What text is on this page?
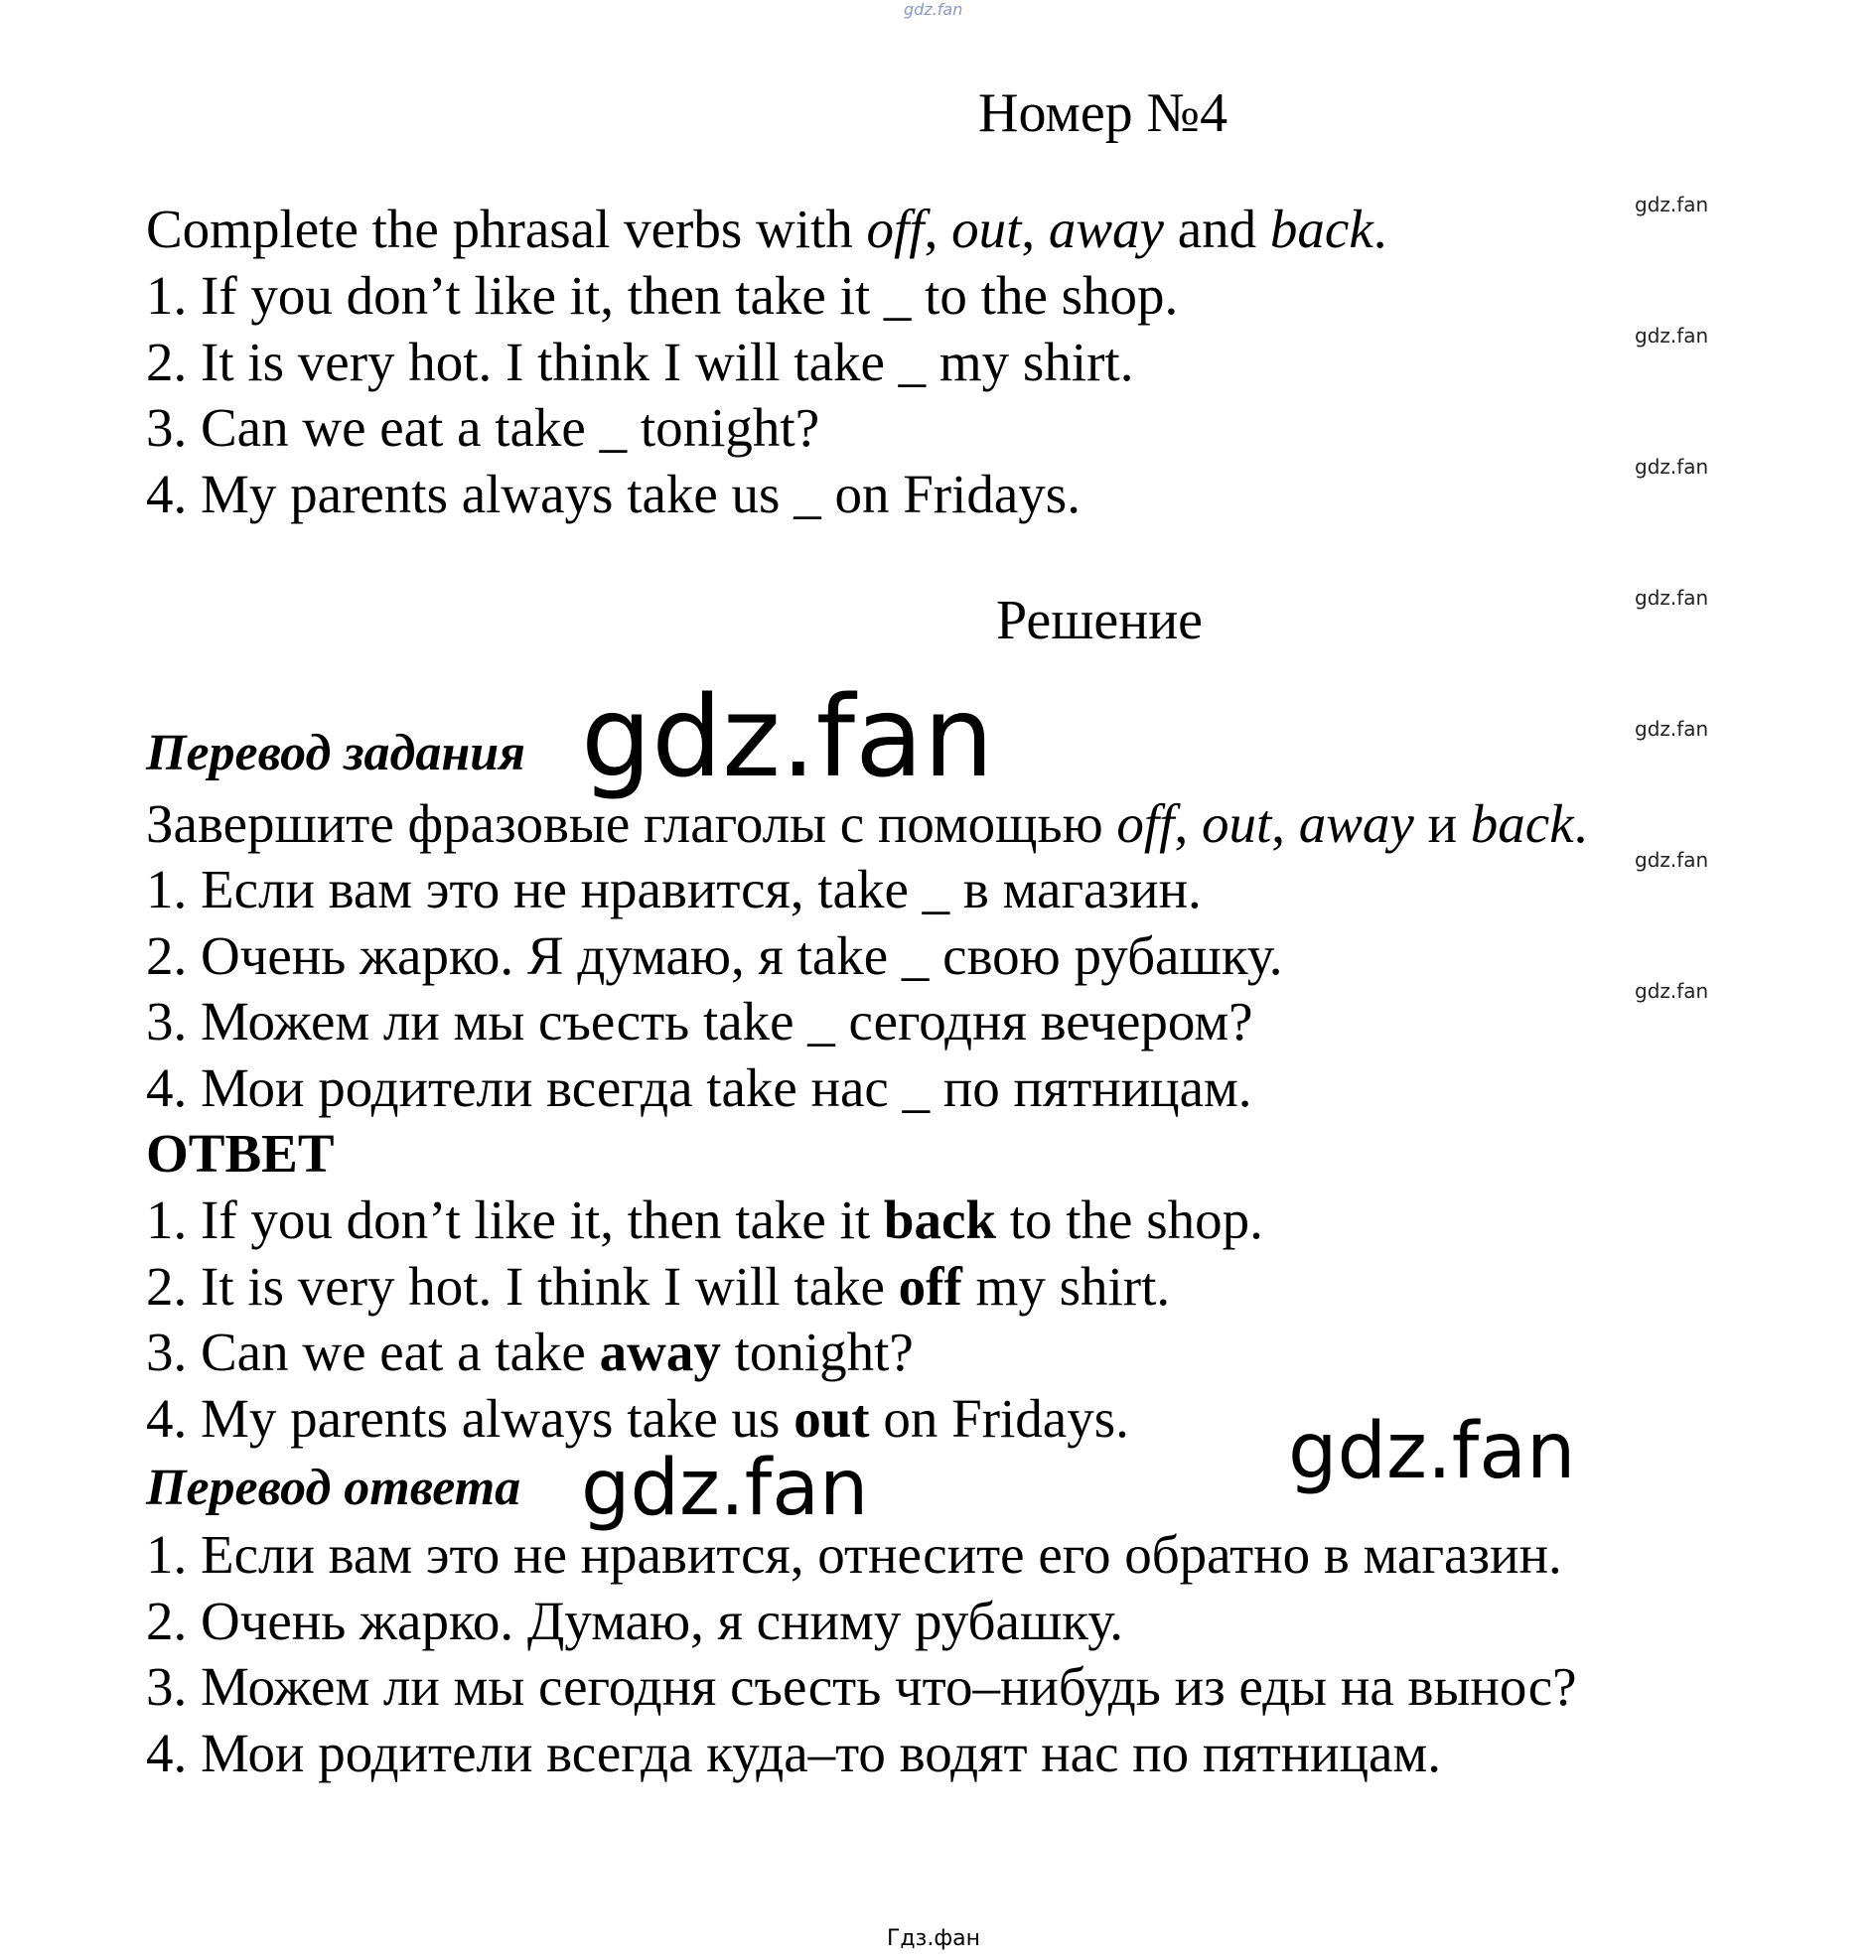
gdz.fan
Номер №4
Complete the phrasal verbs with off, out, away and back.
1. If you don’t like it, then take it _ to the shop.
2. It is very hot. I think I will take _ my shirt.
3. Can we eat a take _ tonight?
4. My parents always take us _ on Fridays.
Решение
Перевод задания gdz.fan
Завершите фразовые глаголы с помощью off, out, away и back.
1. Если вам это не нравится, take _ в магазин.
2. Очень жарко. Я думаю, я take _ свою рубашку.
3. Можем ли мы съесть take _ сегодня вечером?
4. Мои родители всегда take нас _ по пятницам.
ОТВЕТ
1. If you don’t like it, then take it back to the shop.
2. It is very hot. I think I will take off my shirt.
3. Can we eat a take away tonight?
4. My parents always take us out on Fridays. gdz.fan
Перевод ответа gdz.fan
1. Если вам это не нравится, отнесите его обратно в магазин.
2. Очень жарко. Думаю, я сниму рубашку.
3. Можем ли мы сегодня съесть что–нибудь из еды на вынос?
4. Мои родители всегда куда–то водят нас по пятницам.
gdz.fan
gdz.fan
gdz.fan
gdz.fan
gdz.fan
gdz.fan
gdz.fan
Гдз.фан
